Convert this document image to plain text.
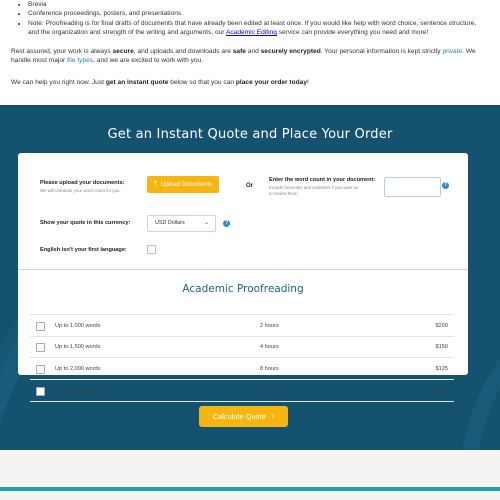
• Brevia
• Conference proceedings, posters, and presentations
• Note: Proofreading is for final drafts of documents that have already been edited at least once. If you would like help with word choice, sentence structure, and the organization and strength of the writing and arguments, our Academic Editing service can provide everything you need and more!
Rest assured, your work is always secure, and uploads and downloads are safe and securely encrypted. Your personal information is kept strictly private. We handle most major file types, and we are excited to work with you.
We can help you right now. Just get an instant quote below so that you can place your order today!
Get an Instant Quote and Place Your Order
Please upload your documents:
We will calculate your word count for you.
⤒ Upload Documents	Or
Enter the word count in your document:
Include footnotes and endnotes if you want us to review them.
?
Show your quote in this currency:	USD Dollars	⌄	?
English isn't your first language:
Academic Proofreading
Up to 1,000 words	2 hours	$200
Up to 1,500 words	4 hours	$150
Up to 2,000 words	8 hours	$125
Up to 4,000 words	12 hours	$100
Calculate Quote ›
